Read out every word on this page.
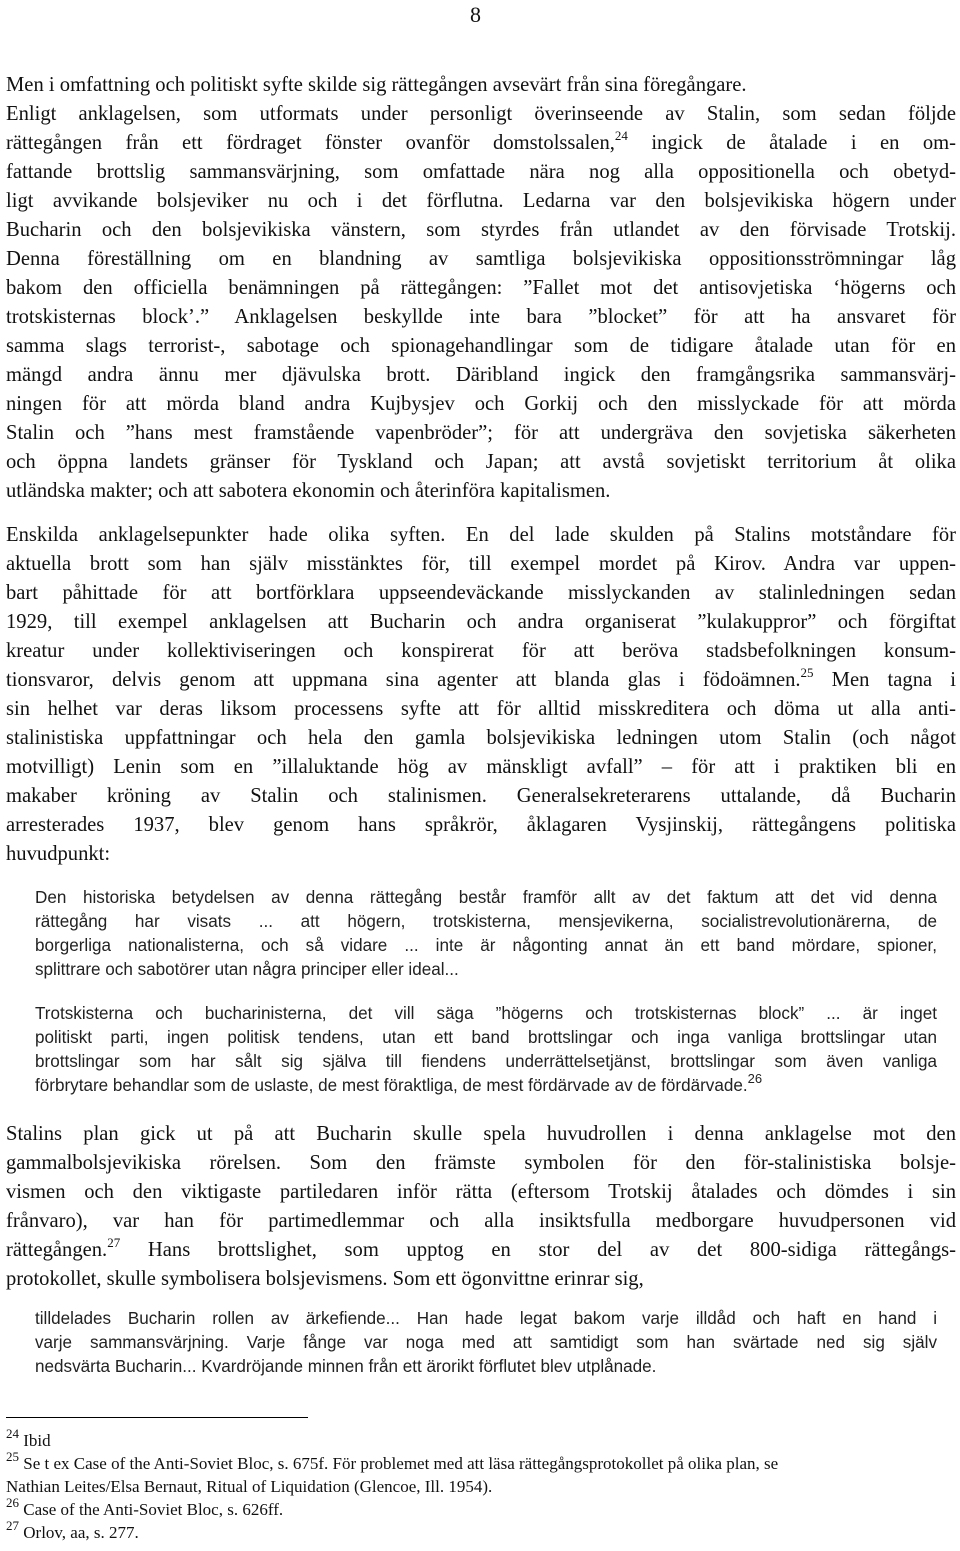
8
Men i omfattning och politiskt syfte skilde sig rättegången avsevärt från sina föregångare.
Enligt anklagelsen, som utformats under personligt överinseende av Stalin, som sedan följde
rättegången från ett fördraget fönster ovanför domstolssalen,$^{24}$ ingick de åtalade i en om-
fattande brottslig sammansvärjning, som omfattade nära nog alla oppositionella och obetyd-
ligt avvikande bolsjeviker nu och i det förflutna. Ledarna var den bolsjevikiska högern under
Bucharin och den bolsjevikiska vänstern, som styrdes från utlandet av den förvisade Trotskij.
Denna föreställning om en blandning av samtliga bolsjevikiska oppositionsströmningar låg
bakom den officiella benämningen på rättegången: ”Fallet mot det antisovjetiska ‘högerns och
trotskisternas block’.” Anklagelsen beskyllde inte bara ”blocket” för att ha ansvaret för
samma slags terrorist-, sabotage och spionagehandlingar som de tidigare åtalade utan för en
mängd andra ännu mer djävulska brott. Däribland ingick den framgångsrika sammansvärj-
ningen för att mörda bland andra Kujbysjev och Gorkij och den misslyckade för att mörda
Stalin och ”hans mest framstående vapenbröder”; för att undergräva den sovjetiska säkerheten
och öppna landets gränser för Tyskland och Japan; att avstå sovjetiskt territorium åt olika
utländska makter; och att sabotera ekonomin och återinföra kapitalismen.
Enskilda anklagelsepunkter hade olika syften. En del lade skulden på Stalins motståndare för
aktuella brott som han själv misstänktes för, till exempel mordet på Kirov. Andra var uppen-
bart påhittade för att bortförklara uppseendeväckande misslyckanden av stalinledningen sedan
1929, till exempel anklagelsen att Bucharin och andra organiserat ”kulakuppror” och förgiftat
kreatur under kollektiviseringen och konspirerat för att beröva stadsbefolkningen konsum-
tionsvaror, delvis genom att uppmana sina agenter att blanda glas i födoämnen.$^{25}$ Men tagna i
sin helhet var deras liksom processens syfte att för alltid misskreditera och döma ut alla anti-
stalinistiska uppfattningar och hela den gamla bolsjevikiska ledningen utom Stalin (och något
motvilligt) Lenin som en ”illaluktande hög av mänskligt avfall” – för att i praktiken bli en
makaber kröning av Stalin och stalinismen. Generalsekreterarens uttalande, då Bucharin
arresterades 1937, blev genom hans språkrör, åklagaren Vysjinskij, rättegångens politiska
huvudpunkt:
Den historiska betydelsen av denna rättegång består framför allt av det faktum att det vid denna
rättegång har visats ... att högern, trotskisterna, mensjevikerna, socialistrevolutionärerna, de
borgerliga nationalisterna, och så vidare ... inte är någonting annat än ett band mördare, spioner,
splittrare och sabotörer utan några principer eller ideal...
Trotskisterna och bucharinisterna, det vill säga ”högerns och trotskisternas block” ... är inget
politiskt parti, ingen politisk tendens, utan ett band brottslingar och inga vanliga brottslingar utan
brottslingar som har sålt sig själva till fiendens underrättelsetjänst, brottslingar som även vanliga
förbrytare behandlar som de uslaste, de mest föraktliga, de mest fördärvade av de fördärvade.$^{26}$
Stalins plan gick ut på att Bucharin skulle spela huvudrollen i denna anklagelse mot den
gammalbolsjevikiska rörelsen. Som den främste symbolen för den för-stalinistiska bolsje-
vismen och den viktigaste partiledaren inför rätta (eftersom Trotskij åtalades och dömdes i sin
frånvaro), var han för partimedlemmar och alla insiktsfulla medborgare huvudpersonen vid
rättegången.$^{27}$ Hans brottslighet, som upptog en stor del av det 800-sidiga rättegångs-
protokollet, skulle symbolisera bolsjevismens. Som ett ögonvittne erinrar sig,
tilldelades Bucharin rollen av ärkefiende... Han hade legat bakom varje illdåd och haft en hand i
varje sammansvärjning. Varje fånge var noga med att samtidigt som han svärtade ned sig själv
nedsvärta Bucharin... Kvardröjande minnen från ett ärorikt förflutet blev utplånade.
$^{24}$ Ibid
$^{25}$ Se t ex Case of the Anti-Soviet Bloc, s. 675f. För problemet med att läsa rättegångsprotokollet på olika plan, se
Nathian Leites/Elsa Bernaut, Ritual of Liquidation (Glencoe, Ill. 1954).
$^{26}$ Case of the Anti-Soviet Bloc, s. 626ff.
$^{27}$ Orlov, aa, s. 277.
